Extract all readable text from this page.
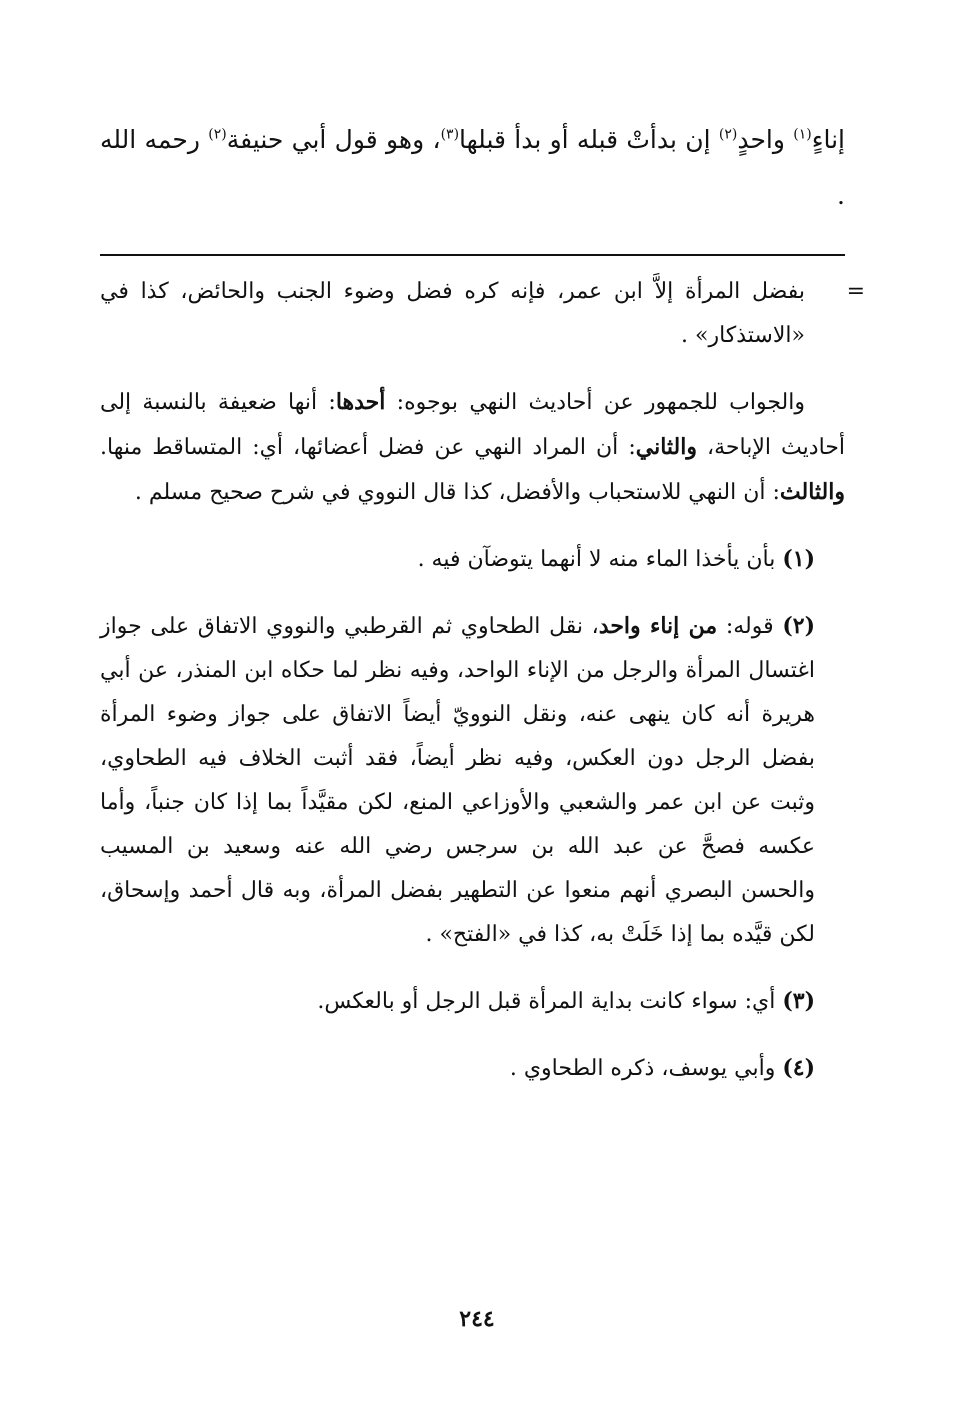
إناءٍ$^{(١)}$ واحدٍ$^{(٢)}$ إن بدأتْ قبله أو بدأ قبلها$^{(٣)}$، وهو قول أبي حنيفة$^{(٢)}$ رحمه الله .

=
بفضل المرأة إلاَّ ابن عمر، فإنه كره فضل وضوء الجنب والحائض، كذا في «الاستذكار» .

والجواب للجمهور عن أحاديث النهي بوجوه: أحدها: أنها ضعيفة بالنسبة إلى أحاديث الإباحة، والثاني: أن المراد النهي عن فضل أعضائها، أي: المتساقط منها. والثالث: أن النهي للاستحباب والأفضل، كذا قال النووي في شرح صحيح مسلم .

(١) بأن يأخذا الماء منه لا أنهما يتوضآن فيه .

(٢) قوله: من إناء واحد، نقل الطحاوي ثم القرطبي والنووي الاتفاق على جواز اغتسال المرأة والرجل من الإناء الواحد، وفيه نظر لما حكاه ابن المنذر، عن أبي هريرة أنه كان ينهى عنه، ونقل النوويّ أيضاً الاتفاق على جواز وضوء المرأة بفضل الرجل دون العكس، وفيه نظر أيضاً، فقد أثبت الخلاف فيه الطحاوي، وثبت عن ابن عمر والشعبي والأوزاعي المنع، لكن مقيَّداً بما إذا كان جنباً، وأما عكسه فصحَّ عن عبد الله بن سرجس رضي الله عنه وسعيد بن المسيب والحسن البصري أنهم منعوا عن التطهير بفضل المرأة، وبه قال أحمد وإسحاق، لكن قيَّده بما إذا خَلَتْ به، كذا في «الفتح» .

(٣) أي: سواء كانت بداية المرأة قبل الرجل أو بالعكس.

(٤) وأبي يوسف، ذكره الطحاوي .

٢٤٤
